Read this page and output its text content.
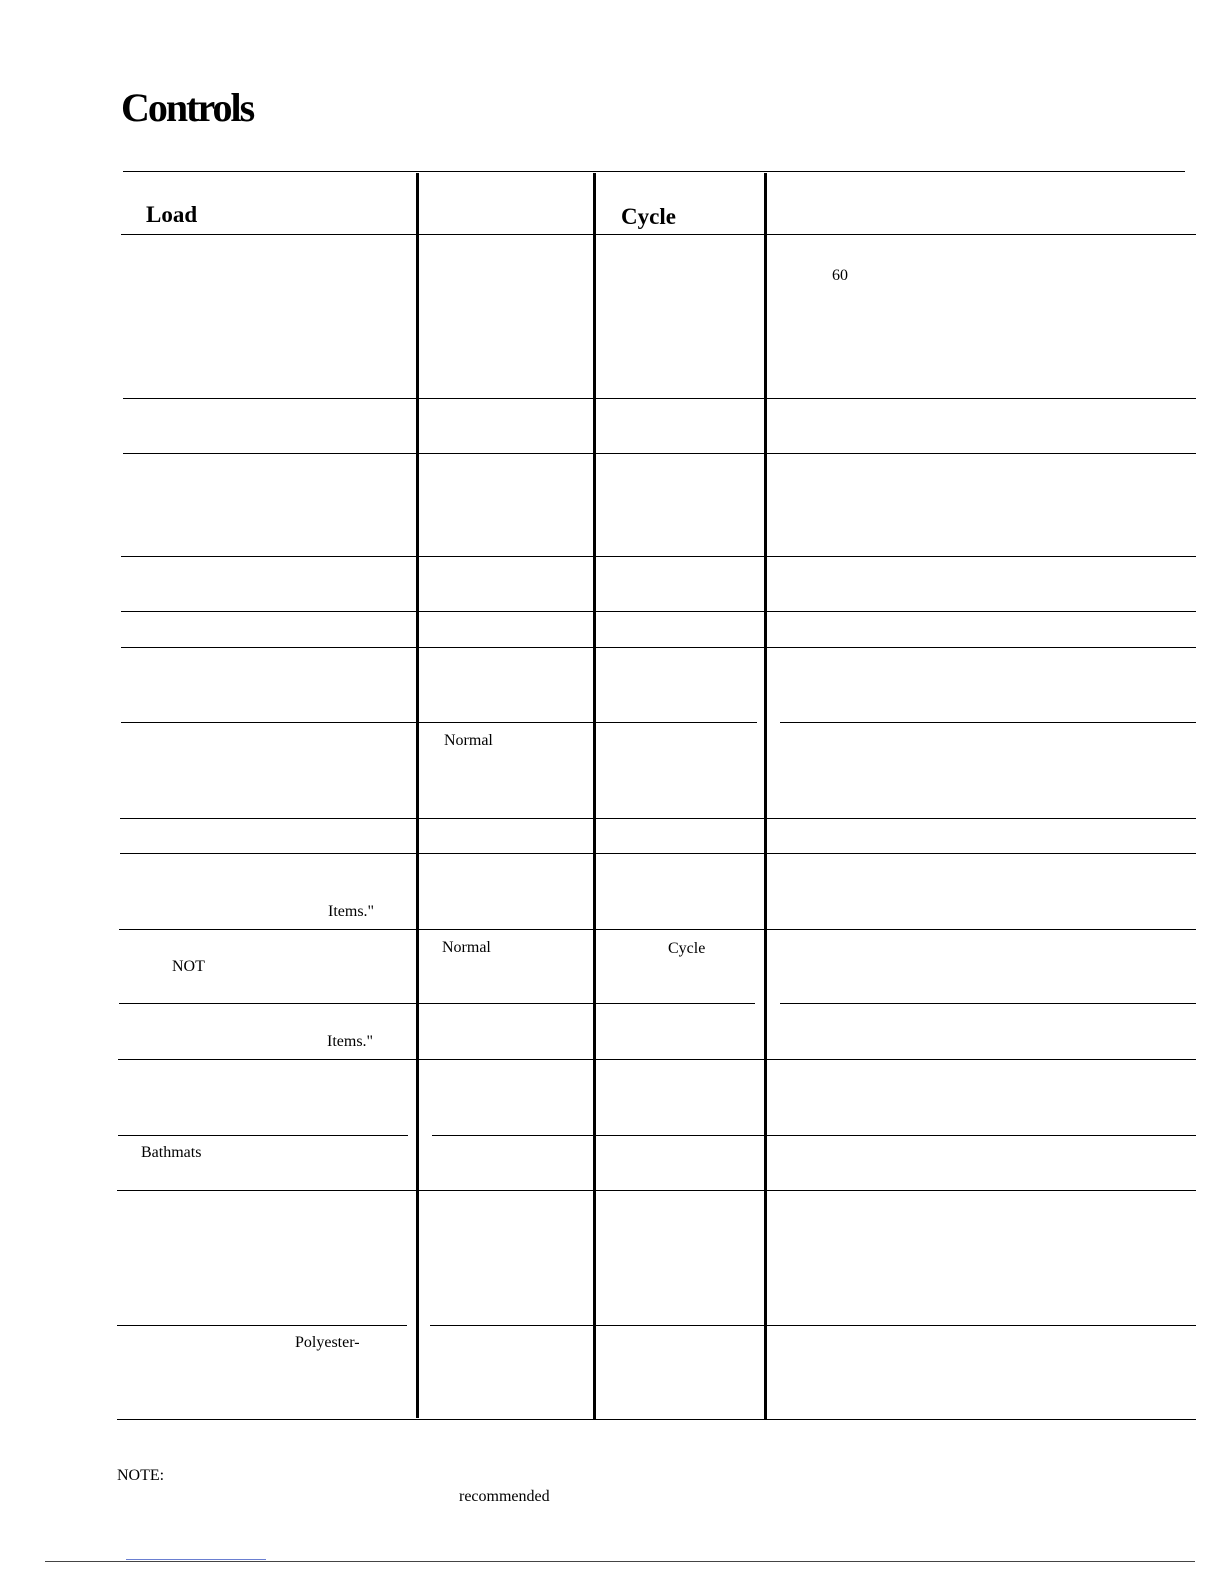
Controls
Load	Cycle
60
Normal
Items."
Normal	Cycle
NOT
Items."
Bathmats
Polyester-
NOTE:
recommended
